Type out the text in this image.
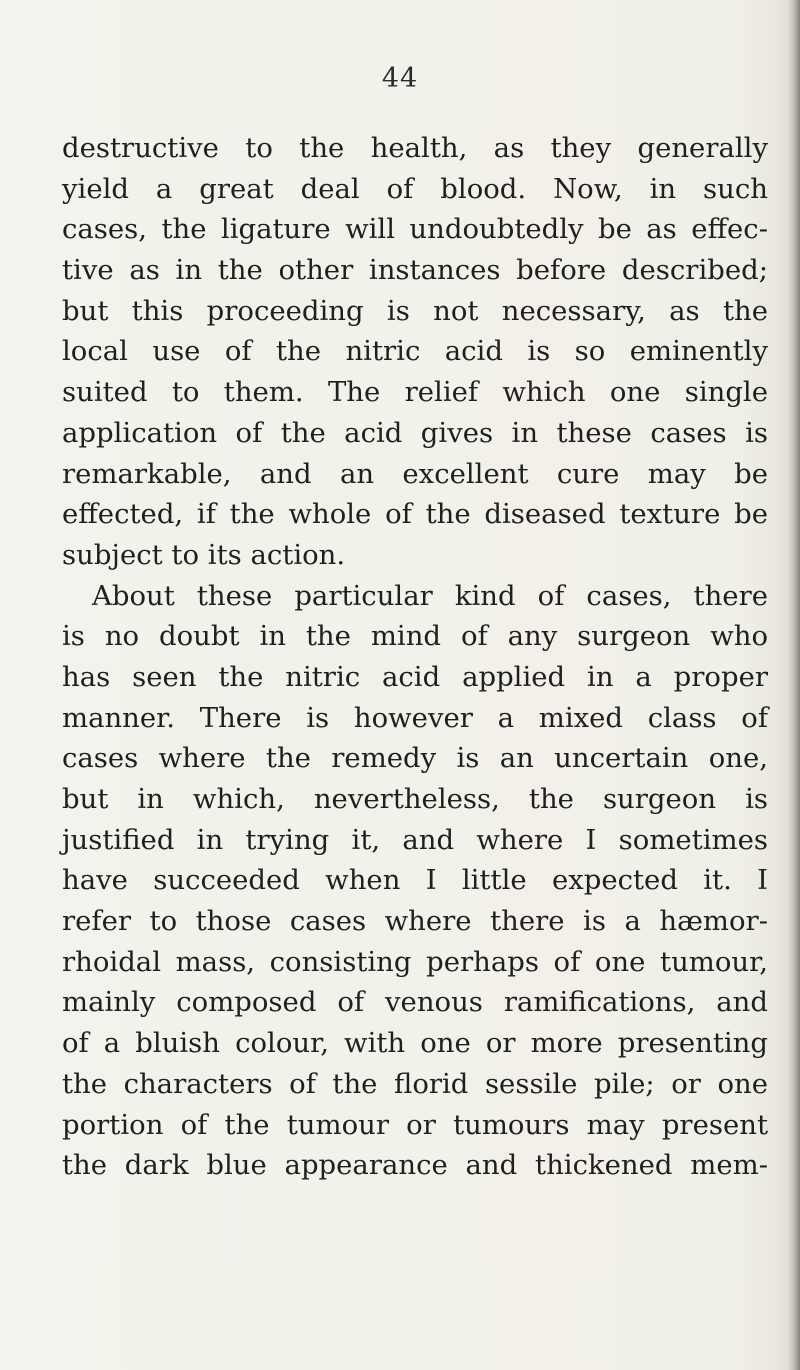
44
destructive to the health, as they generally
yield a great deal of blood. Now, in such
cases, the ligature will undoubtedly be as effec-
tive as in the other instances before described;
but this proceeding is not necessary, as the
local use of the nitric acid is so eminently
suited to them. The relief which one single
application of the acid gives in these cases is
remarkable, and an excellent cure may be
effected, if the whole of the diseased texture be
subject to its action.
About these particular kind of cases, there
is no doubt in the mind of any surgeon who
has seen the nitric acid applied in a proper
manner. There is however a mixed class of
cases where the remedy is an uncertain one,
but in which, nevertheless, the surgeon is
justified in trying it, and where I sometimes
have succeeded when I little expected it. I
refer to those cases where there is a hæmor-
rhoidal mass, consisting perhaps of one tumour,
mainly composed of venous ramifications, and
of a bluish colour, with one or more presenting
the characters of the florid sessile pile; or one
portion of the tumour or tumours may present
the dark blue appearance and thickened mem-
